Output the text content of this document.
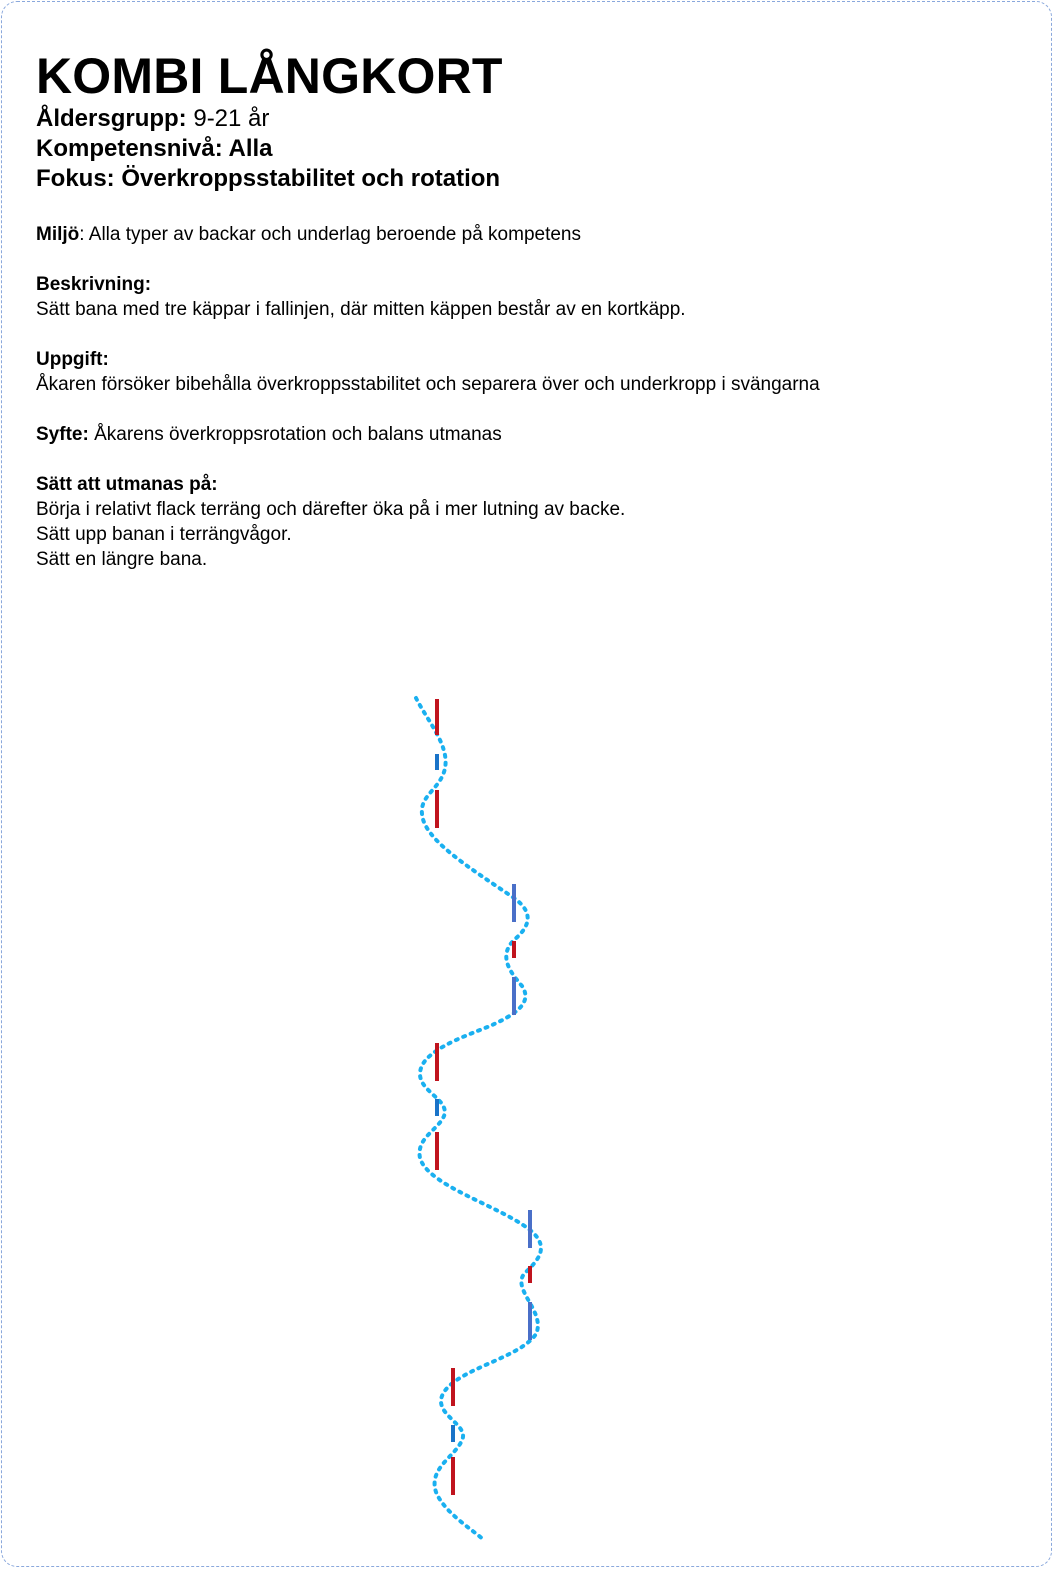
KOMBI LÅNGKORT

Åldersgrupp: 9-21 år

Kompetensnivå: Alla

Fokus: Överkroppsstabilitet och rotation

Miljö: Alla typer av backar och underlag beroende på kompetens

Beskrivning:

Sätt bana med tre käppar i fallinjen, där mitten käppen består av en kortkäpp.

Uppgift:

Åkaren försöker bibehålla överkroppsstabilitet och separera över och underkropp i svängarna

Syfte: Åkarens överkroppsrotation och balans utmanas

Sätt att utmanas på:

Börja i relativt flack terräng och därefter öka på i mer lutning av backe.

Sätt upp banan i terrängvågor.

Sätt en längre bana.
